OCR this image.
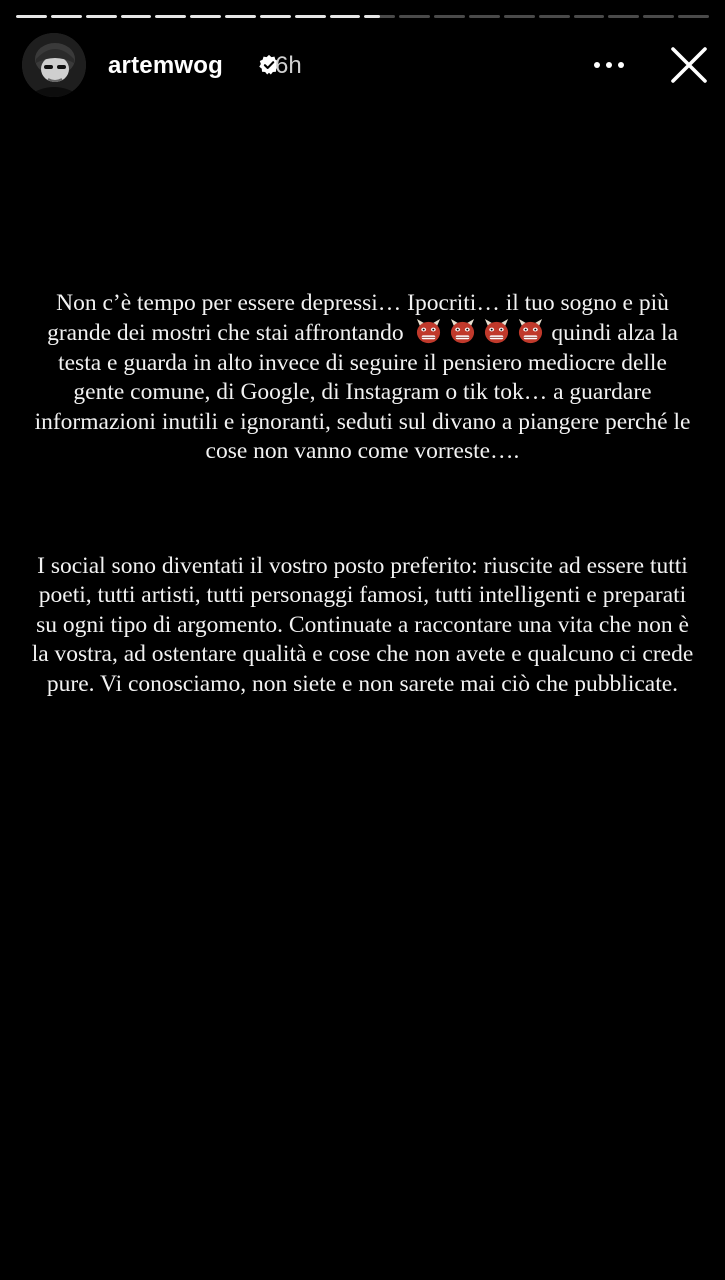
artemwog 6h
Non c’è tempo per essere depressi… Ipocriti… il tuo sogno e più grande dei mostri che stai affrontando	quindi alza la testa e guarda in alto invece di seguire il pensiero mediocre delle gente comune, di Google, di Instagram o tik tok… a guardare informazioni inutili e ignoranti, seduti sul divano a piangere perché le cose non vanno come vorreste….
I social sono diventati il vostro posto preferito: riuscite ad essere tutti poeti, tutti artisti, tutti personaggi famosi, tutti intelligenti e preparati su ogni tipo di argomento. Continuate a raccontare una vita che non è la vostra, ad ostentare qualità e cose che non avete e qualcuno ci crede pure. Vi conosciamo, non siete e non sarete mai ciò che pubblicate.
